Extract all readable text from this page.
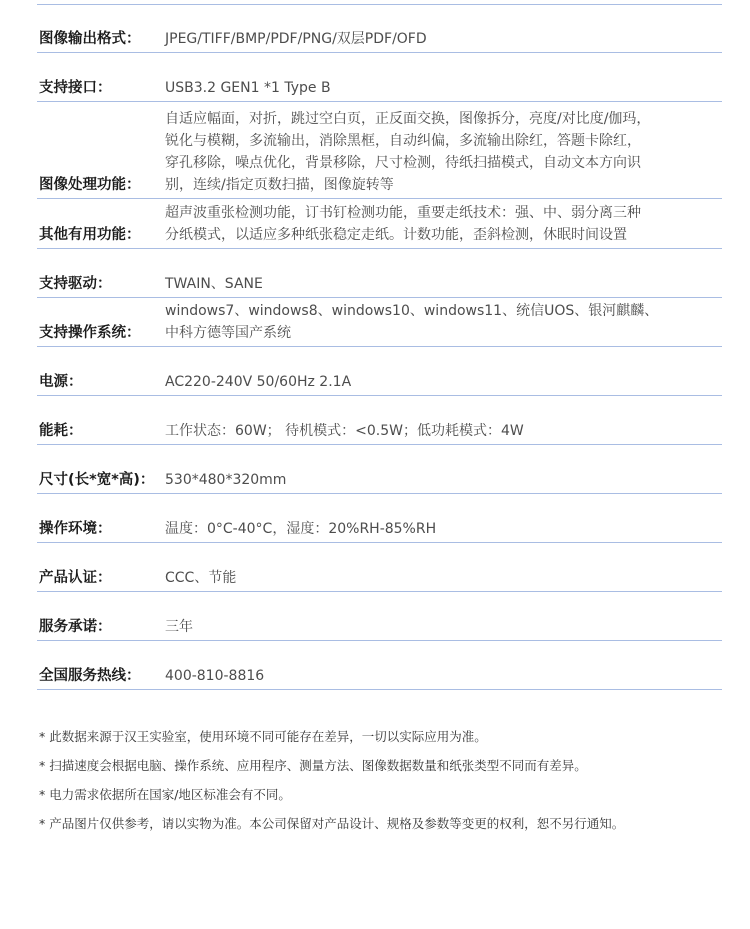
图像输出格式： JPEG/TIFF/BMP/PDF/PNG/双层PDF/OFD
支持接口：	USB3.2 GEN1 *1 Type B
图像处理功能：
自适应幅面，对折，跳过空白页，正反面交换，图像拆分，亮度/对比度/伽玛，
锐化与模糊，多流输出，消除黑框，自动纠偏，多流输出除红，答题卡除红，
穿孔移除，噪点优化，背景移除，尺寸检测，待纸扫描模式，自动文本方向识
别，连续/指定页数扫描，图像旋转等
其他有用功能：
超声波重张检测功能，订书钉检测功能，重要走纸技术：强、中、弱分离三种
分纸模式，以适应多种纸张稳定走纸。计数功能，歪斜检测，休眠时间设置
支持驱动：	TWAIN、SANE
支持操作系统：
windows7、windows8、windows10、windows11、统信UOS、银河麒麟、
中科方德等国产系统
电源：	AC220-240V 50/60Hz 2.1A
能耗：	工作状态：60W； 待机模式：<0.5W；低功耗模式：4W
尺寸(长*宽*高)： 530*480*320mm
操作环境：	温度：0°C-40°C，湿度：20%RH-85%RH
产品认证：	CCC、节能
服务承诺：	三年
全国服务热线： 400-810-8816
* 此数据来源于汉王实验室，使用环境不同可能存在差异，一切以实际应用为准。
* 扫描速度会根据电脑、操作系统、应用程序、测量方法、图像数据数量和纸张类型不同而有差异。
* 电力需求依据所在国家/地区标准会有不同。
* 产品图片仅供参考，请以实物为准。本公司保留对产品设计、规格及参数等变更的权利，恕不另行通知。
